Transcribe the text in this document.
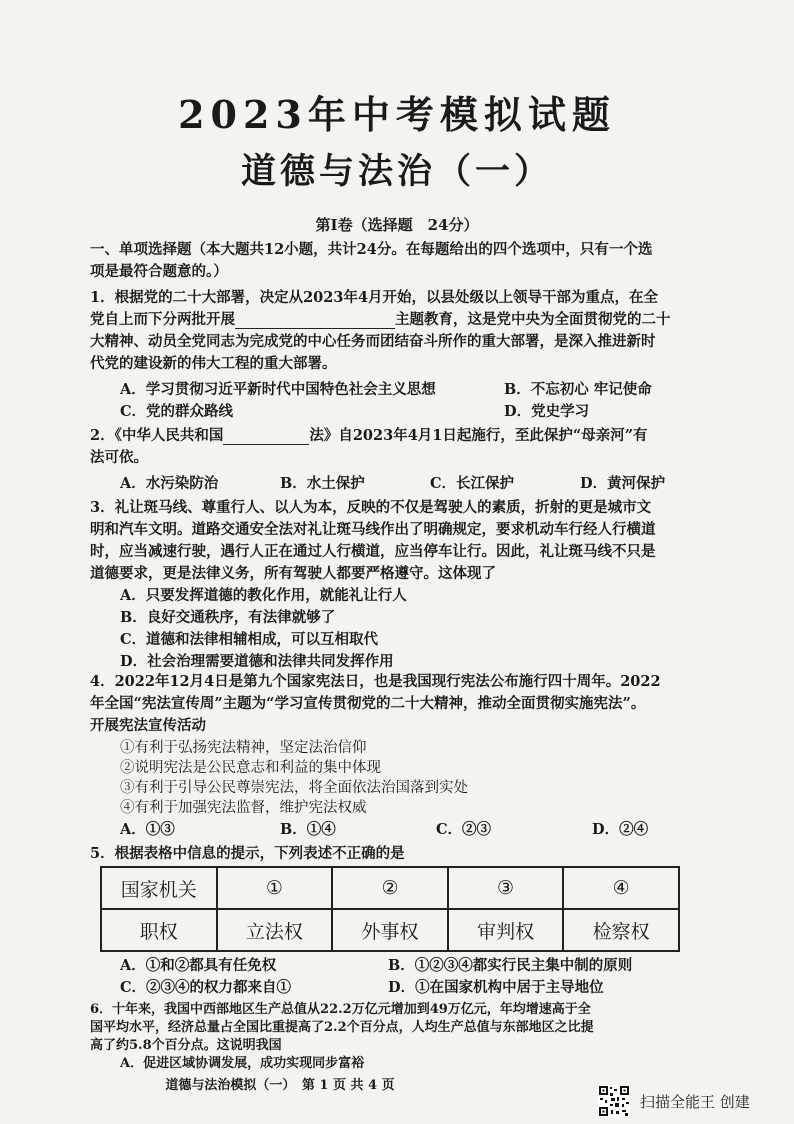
2023年中考模拟试题
道德与法治（一）
第Ⅰ卷（选择题　24分）
一、单项选择题（本大题共12小题，共计24分。在每题给出的四个选项中，只有一个选
项是最符合题意的。）
1．根据党的二十大部署，决定从2023年4月开始，以县处级以上领导干部为重点，在全
党自上而下分两批开展	主题教育，这是党中央为全面贯彻党的二十
大精神、动员全党同志为完成党的中心任务而团结奋斗所作的重大部署，是深入推进新时
代党的建设新的伟大工程的重大部署。
A．学习贯彻习近平新时代中国特色社会主义思想	B．不忘初心 牢记使命
C．党的群众路线	D．党史学习
2．《中华人民共和国	法》自2023年4月1日起施行，至此保护“母亲河”有
法可依。
A．水污染防治	B．水土保护	C．长江保护	D．黄河保护
3．礼让斑马线、尊重行人、以人为本，反映的不仅是驾驶人的素质，折射的更是城市文
明和汽车文明。道路交通安全法对礼让斑马线作出了明确规定，要求机动车行经人行横道
时，应当减速行驶，遇行人正在通过人行横道，应当停车让行。因此，礼让斑马线不只是
道德要求，更是法律义务，所有驾驶人都要严格遵守。这体现了
A．只要发挥道德的教化作用，就能礼让行人
B．良好交通秩序，有法律就够了
C．道德和法律相辅相成，可以互相取代
D．社会治理需要道德和法律共同发挥作用
4．2022年12月4日是第九个国家宪法日，也是我国现行宪法公布施行四十周年。2022
年全国“宪法宣传周”主题为“学习宣传贯彻党的二十大精神，推动全面贯彻实施宪法”。
开展宪法宣传活动
①有利于弘扬宪法精神，坚定法治信仰
②说明宪法是公民意志和利益的集中体现
③有利于引导公民尊崇宪法，将全面依法治国落到实处
④有利于加强宪法监督，维护宪法权威
A．①③	B．①④	C．②③	D．②④
5．根据表格中信息的提示，下列表述不正确的是
国家机关	①	②	③	④
职权	立法权	外事权	审判权	检察权
A．①和②都具有任免权	B．①②③④都实行民主集中制的原则
C．②③④的权力都来自①	D．①在国家机构中居于主导地位
6．十年来，我国中西部地区生产总值从22.2万亿元增加到49万亿元，年均增速高于全
国平均水平，经济总量占全国比重提高了2.2个百分点，人均生产总值与东部地区之比提
高了约5.8个百分点。这说明我国
A．促进区域协调发展，成功实现同步富裕
道德与法治模拟（一）　第 1 页 共 4 页
扫描全能王 创建
